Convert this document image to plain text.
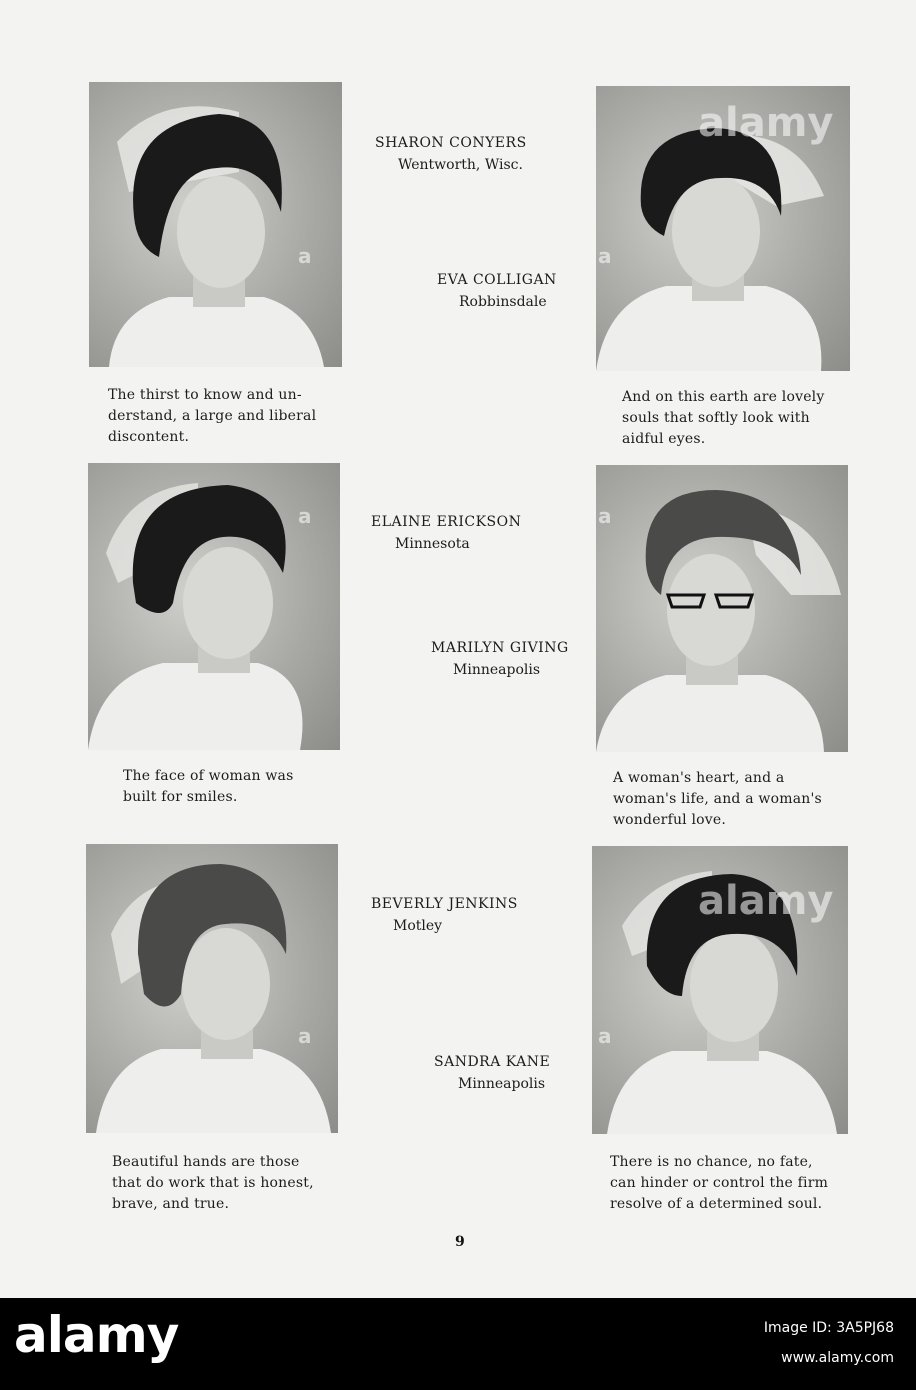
SHARON CONYERS
Wentworth, Wisc.
EVA COLLIGAN
Robbinsdale
ELAINE ERICKSON
Minnesota
MARILYN GIVING
Minneapolis
BEVERLY JENKINS
Motley
SANDRA KANE
Minneapolis
The thirst to know and un-
derstand, a large and liberal
discontent.
And on this earth are lovely
souls that softly look with
aidful eyes.
The face of woman was
built for smiles.
A woman's heart, and a
woman's life, and a woman's
wonderful love.
Beautiful hands are those
that do work that is honest,
brave, and true.
There is no chance, no fate,
can hinder or control the firm
resolve of a determined soul.
9
alamy
alamy
a	a
a	a
a	a
alamy	Image ID: 3A5PJ68
www.alamy.com
